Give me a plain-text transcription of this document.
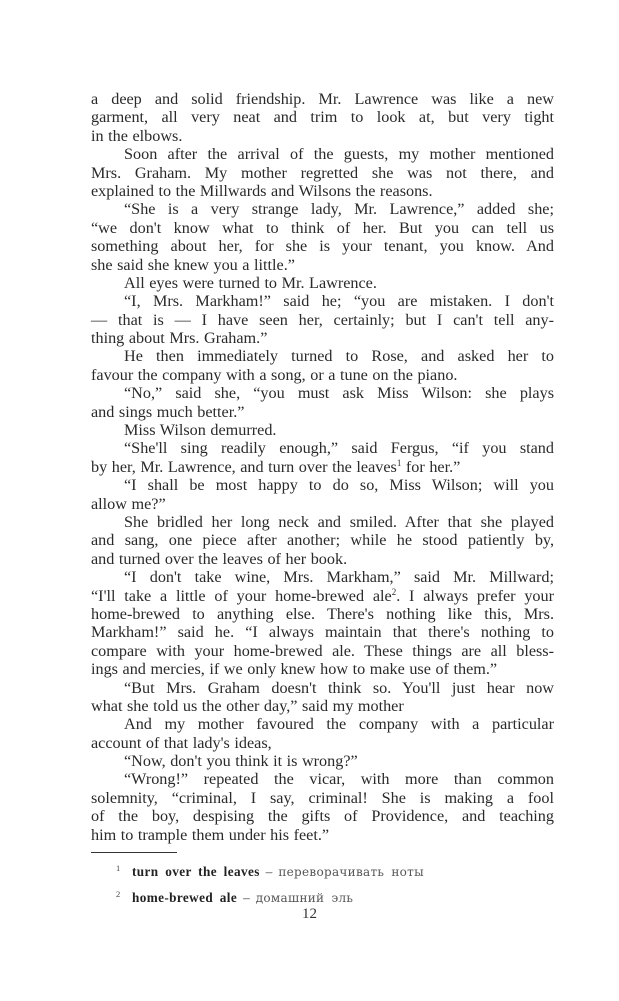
a deep and solid friendship. Mr. Lawrence was like a new
garment, all very neat and trim to look at, but very tight
in the elbows.
Soon after the arrival of the guests, my mother mentioned
Mrs. Graham. My mother regretted she was not there, and
explained to the Millwards and Wilsons the reasons.
“She is a very strange lady, Mr. Lawrence,” added she;
“we don't know what to think of her. But you can tell us
something about her, for she is your tenant, you know. And
she said she knew you a little.”
All eyes were turned to Mr. Lawrence.
“I, Mrs. Markham!” said he; “you are mistaken. I don't
— that is — I have seen her, certainly; but I can't tell any-
thing about Mrs. Graham.”
He then immediately turned to Rose, and asked her to
favour the company with a song, or a tune on the piano.
“No,” said she, “you must ask Miss Wilson: she plays
and sings much better.”
Miss Wilson demurred.
“She'll sing readily enough,” said Fergus, “if you stand
by her, Mr. Lawrence, and turn over the leaves$^1$ for her.”
“I shall be most happy to do so, Miss Wilson; will you
allow me?”
She bridled her long neck and smiled. After that she played
and sang, one piece after another; while he stood patiently by,
and turned over the leaves of her book.
“I don't take wine, Mrs. Markham,” said Mr. Millward;
“I'll take a little of your home-brewed ale$^2$. I always prefer your
home-brewed to anything else. There's nothing like this, Mrs.
Markham!” said he. “I always maintain that there's nothing to
compare with your home-brewed ale. These things are all bless-
ings and mercies, if we only knew how to make use of them.”
“But Mrs. Graham doesn't think so. You'll just hear now
what she told us the other day,” said my mother
And my mother favoured the company with a particular
account of that lady's ideas,
“Now, don't you think it is wrong?”
“Wrong!” repeated the vicar, with more than common
solemnity, “criminal, I say, criminal! She is making a fool
of the boy, despising the gifts of Providence, and teaching
him to trample them under his feet.”
1 turn over the leaves – переворачивать ноты
2 home-brewed ale – домашний эль
12
